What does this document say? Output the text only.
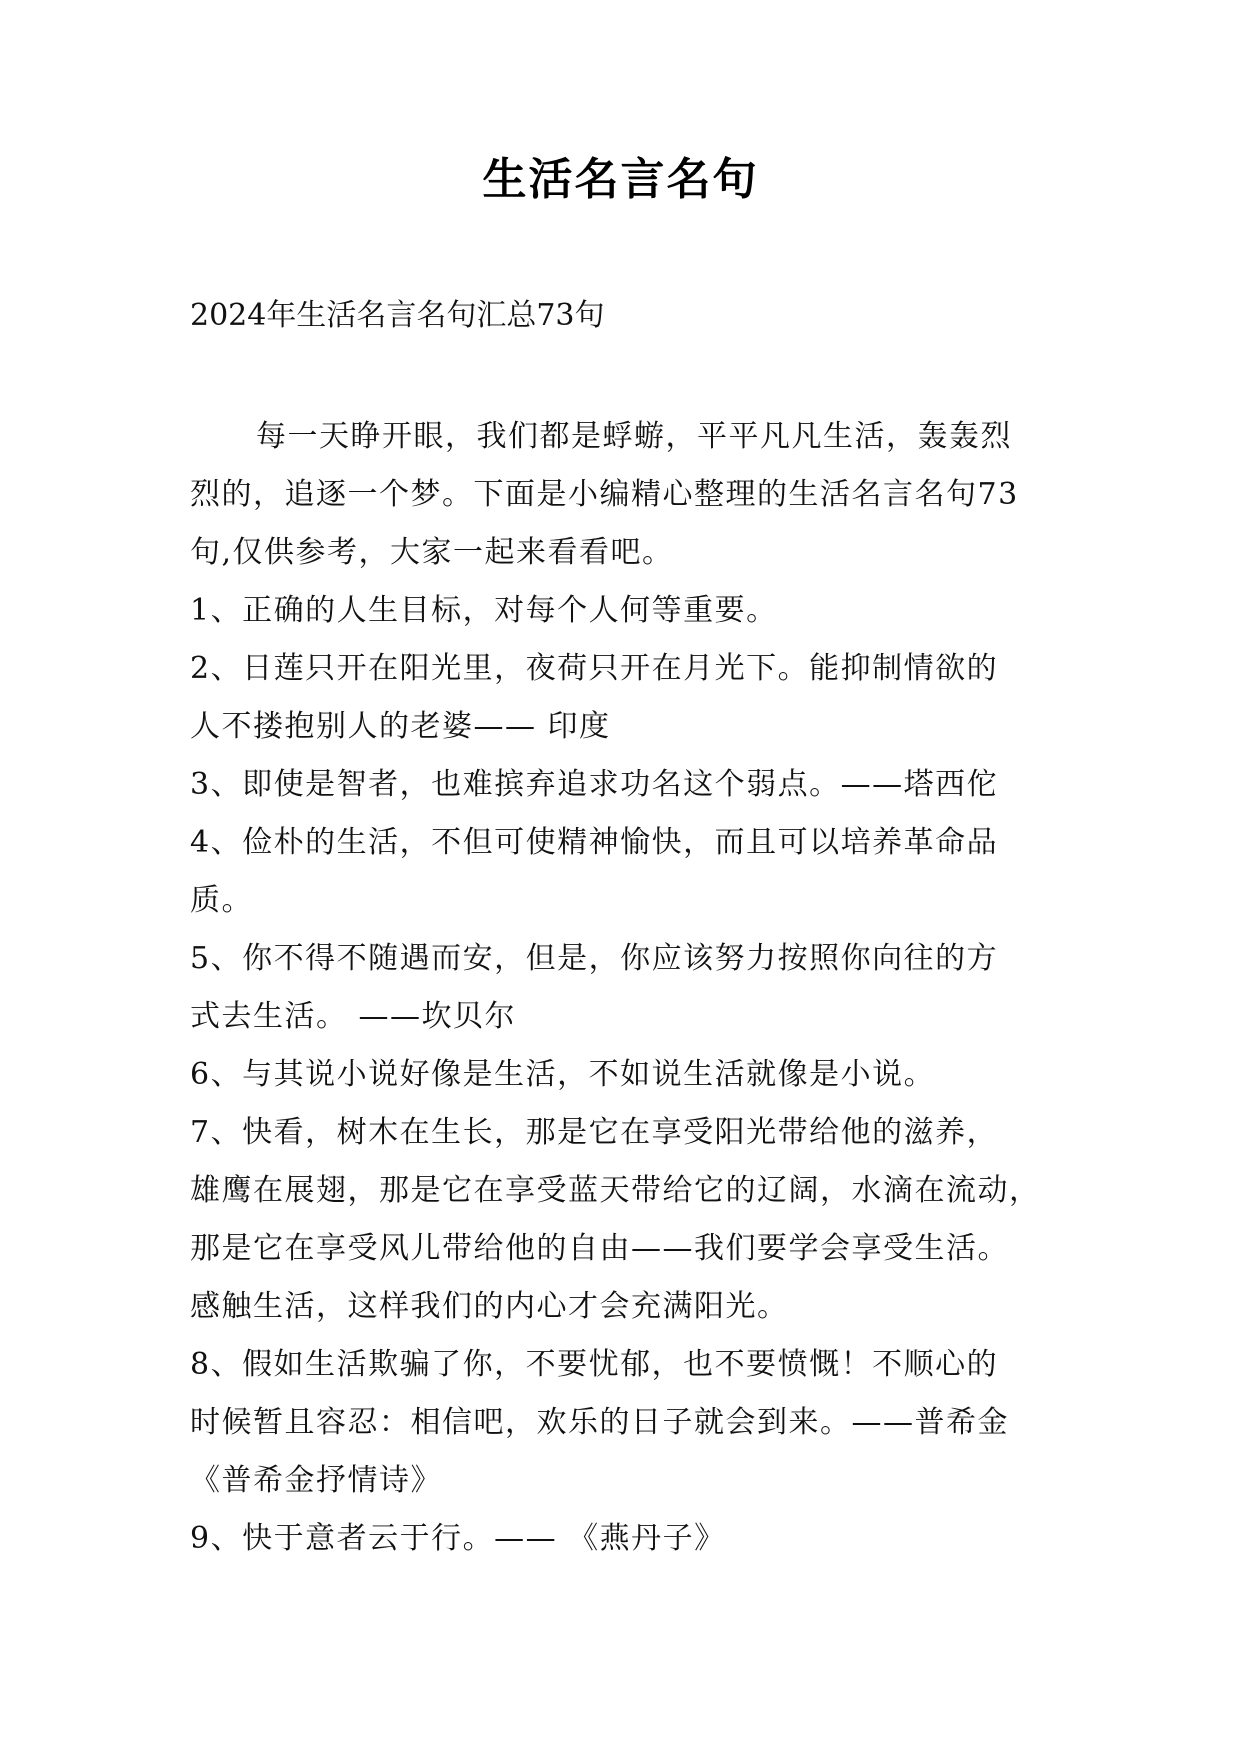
生活名言名句
2024年生活名言名句汇总73句
每一天睁开眼，我们都是蜉蝣，平平凡凡生活，轰轰烈
烈的，追逐一个梦。下面是小编精心整理的生活名言名句73
句,仅供参考，大家一起来看看吧。
1、正确的人生目标，对每个人何等重要。
2、日莲只开在阳光里，夜荷只开在月光下。能抑制情欲的
人不搂抱别人的老婆—— 印度
3、即使是智者，也难摈弃追求功名这个弱点。——塔西佗
4、俭朴的生活，不但可使精神愉快，而且可以培养革命品
质。
5、你不得不随遇而安，但是，你应该努力按照你向往的方
式去生活。 ——坎贝尔
6、与其说小说好像是生活，不如说生活就像是小说。
7、快看，树木在生长，那是它在享受阳光带给他的滋养，
雄鹰在展翅，那是它在享受蓝天带给它的辽阔，水滴在流动，
那是它在享受风儿带给他的自由——我们要学会享受生活。
感触生活，这样我们的内心才会充满阳光。
8、假如生活欺骗了你，不要忧郁，也不要愤慨！不顺心的
时候暂且容忍：相信吧，欢乐的日子就会到来。——普希金
《普希金抒情诗》
9、快于意者云于行。—— 《燕丹子》
